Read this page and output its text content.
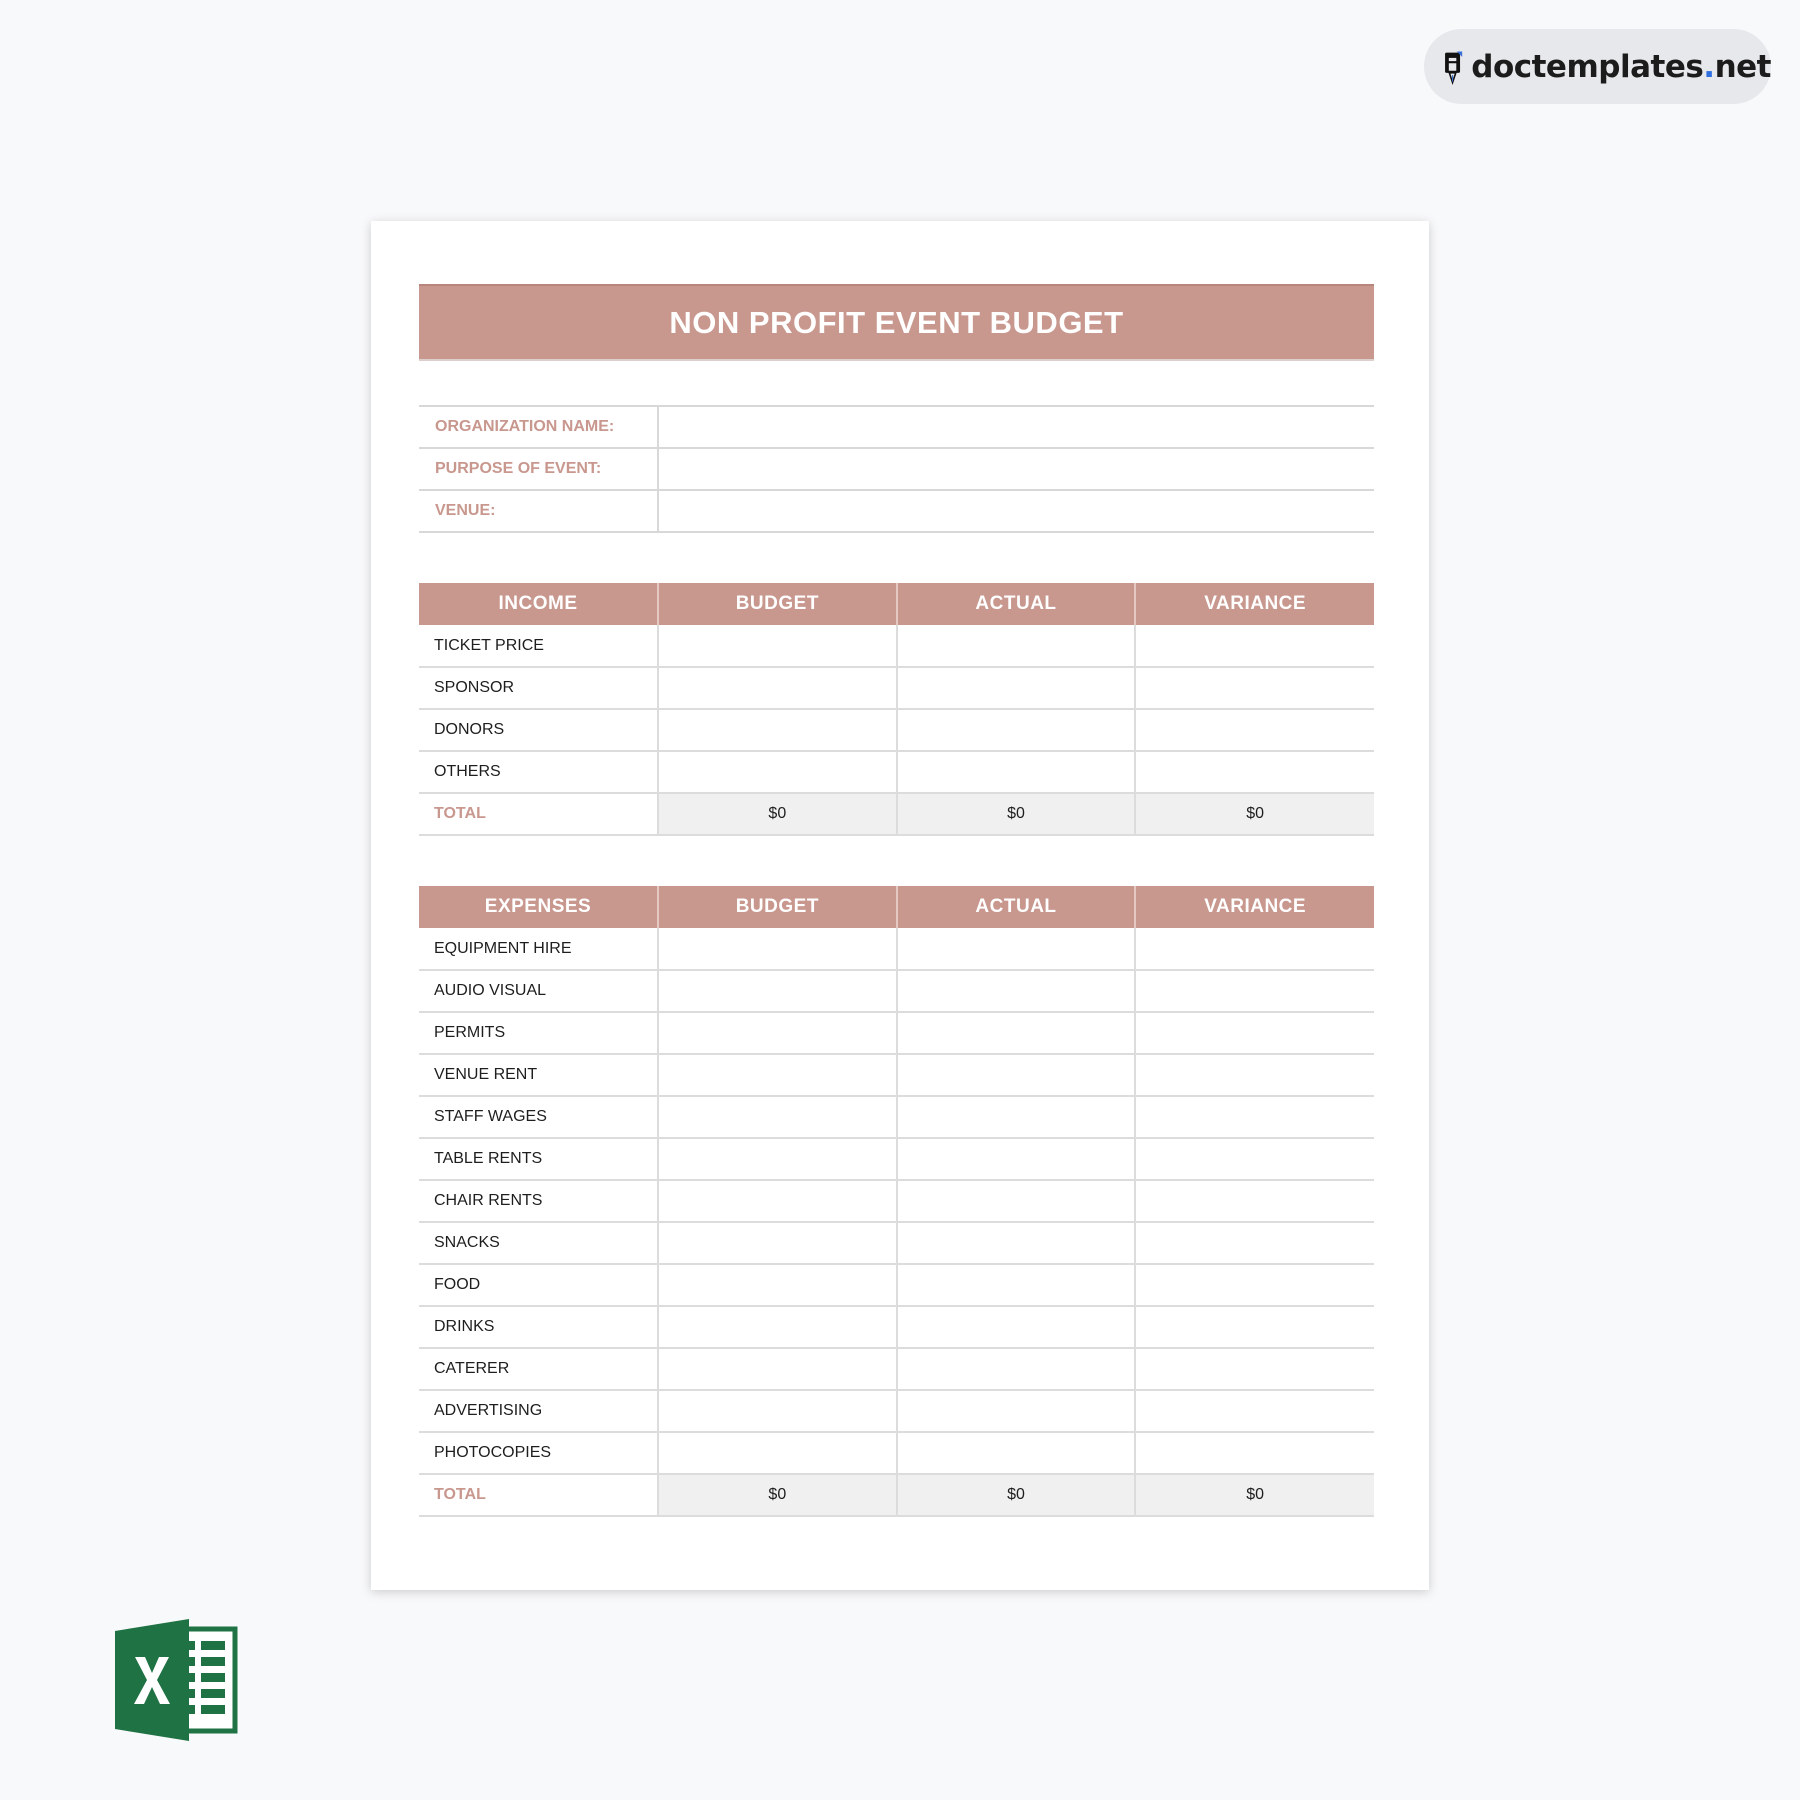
doctemplates.net
NON PROFIT EVENT BUDGET
ORGANIZATION NAME:	
PURPOSE OF EVENT:	
VENUE:	
INCOME	BUDGET	ACTUAL	VARIANCE
TICKET PRICE			
SPONSOR			
DONORS			
OTHERS			
TOTAL	$0	$0	$0
EXPENSES	BUDGET	ACTUAL	VARIANCE
EQUIPMENT HIRE			
AUDIO VISUAL			
PERMITS			
VENUE RENT			
STAFF WAGES			
TABLE RENTS			
CHAIR RENTS			
SNACKS			
FOOD			
DRINKS			
CATERER			
ADVERTISING			
PHOTOCOPIES			
TOTAL	$0	$0	$0
